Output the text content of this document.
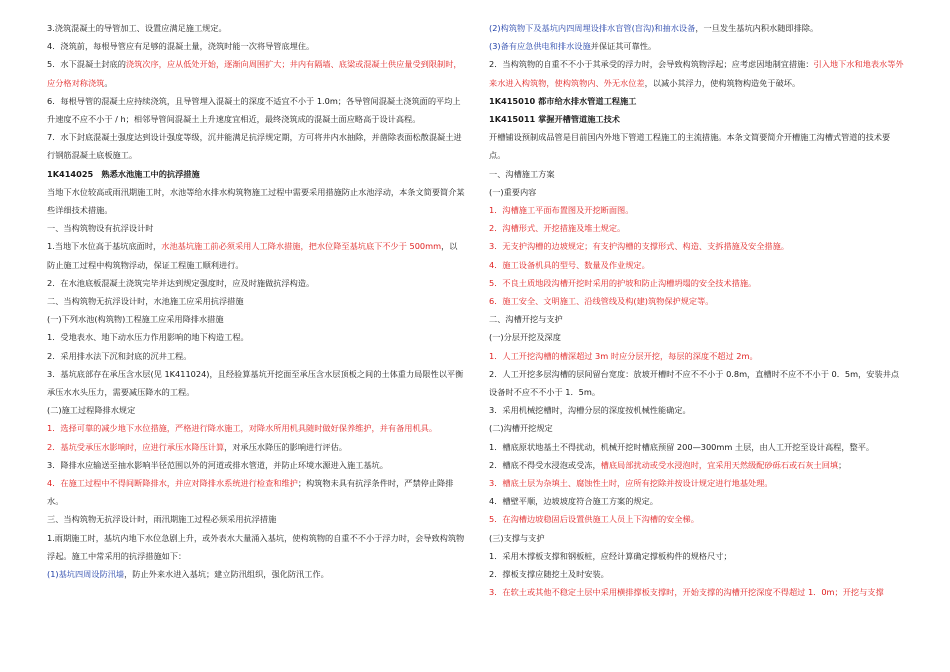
3.浇筑混凝土的导管加工、设置应满足施工规定。

4．浇筑前，每根导管应有足够的混凝土量，浇筑时能一次将导管底埋住。

5．水下混凝土封底的浇筑次序，应从低处开始，逐渐向周围扩大；井内有隔墙、底梁或混凝土供应量受到限制时，应分格对称浇筑。

6．每根导管的混凝土应持续浇筑，且导管埋入混凝土的深度不适宜不小于 1.0m；各导管间混凝土浇筑面的平均上升速度不应不小于 / h；相邻导管间混凝土上升速度宜相近，最终浇筑成的混凝土面应略高于设计高程。

7．水下封底混凝土强度达到设计强度等级，沉井能满足抗浮规定期，方可将井内水抽除，并凿除表面松散混凝土进行钢筋混凝土底板施工。

1K414025　熟悉水池施工中的抗浮措施

当地下水位较高或雨汛期施工时，水池等给水排水构筑物施工过程中需要采用措施防止水池浮动，本条文简要简介某些详细技术措施。

一、当构筑物设有抗浮设计时

1.当地下水位高于基坑底面时，水池基坑施工前必须采用人工降水措施，把水位降至基坑底下不少于 500mm，以防止施工过程中构筑物浮动，保证工程施工顺利进行。

2．在水池底板混凝土浇筑完毕并达到规定强度时，应及时施做抗浮构造。

二、当构筑物无抗浮设计时，水池施工应采用抗浮措施

(一)下列水池(构筑物)工程施工应采用降排水措施

1．受地表水、地下动水压力作用影响的地下构造工程。

2．采用排水法下沉和封底的沉井工程。

3．基坑底部存在承压含水层(见 1K411024)，且经验算基坑开挖面至承压含水层顶板之间的土体重力局限性以平衡承压水水头压力，需要减压降水的工程。

(二)施工过程降排水规定

1．选择可靠的减少地下水位措施，严格进行降水施工，对降水所用机具随时做好保养维护，并有备用机具。

2．基坑受承压水影响时，应进行承压水降压计算，对承压水降压的影响进行评估。

3．降排水应输送至抽水影响半径范围以外的河道或排水管道，并防止环境水源进入施工基坑。

4．在施工过程中不得间断降排水，并应对降排水系统进行检查和维护；构筑物未具有抗浮条件时，严禁停止降排水。

三、当构筑物无抗浮设计时，雨汛期施工过程必须采用抗浮措施

1.雨期施工时，基坑内地下水位急剧上升，或外表水大量涌入基坑，使构筑物的自重不不小于浮力时，会导致构筑物浮起。施工中常采用的抗浮措施如下：

(1)基坑四周设防汛墙，防止外来水进入基坑；建立防汛组织，强化防汛工作。

(2)构筑物下及基坑内四周埋设排水盲管(盲沟)和抽水设备，一旦发生基坑内积水随即排除。

(3)备有应急供电和排水设施并保证其可靠性。

2．当构筑物的自重不不小于其承受的浮力时，会导致构筑物浮起；应考虑因地制宜措施：引入地下水和地表水等外来水进入构筑物，使构筑物内、外无水位差，以减小其浮力，使构筑物构造免于破坏。

1K415010 都市给水排水管道工程施工

1K415011 掌握开槽管道施工技术

开槽铺设预制成品管是目前国内外地下管道工程施工的主流措施。本条文简要简介开槽施工沟槽式管道的技术要点。

一、沟槽施工方案

(一)重要内容

1．沟槽施工平面布置图及开挖断面图。

2．沟槽形式、开挖措施及堆土规定。

3．无支护沟槽的边坡规定；有支护沟槽的支撑形式、构造、支拆措施及安全措施。

4．施工设备机具的型号、数量及作业规定。

5．不良土质地段沟槽开挖时采用的护坡和防止沟槽坍塌的安全技术措施。

6．施工安全、文明施工、沿线管线及构(建)筑物保护规定等。

二、沟槽开挖与支护

(一)分层开挖及深度

1．人工开挖沟槽的槽深超过 3m 时应分层开挖，每层的深度不超过 2m。

2．人工开挖多层沟槽的层间留台宽度：放坡开槽时不应不不小于 0.8m，直槽时不应不不小于 0．5m，安装井点设备时不应不不小于 1．5m。

3．采用机械挖槽时，沟槽分层的深度按机械性能确定。

(二)沟槽开挖规定

1．槽底原状地基土不得扰动，机械开挖时槽底预留 200—300mm 土层，由人工开挖至设计高程，整平。

2．槽底不得受水浸泡或受冻，槽底局部扰动或受水浸泡时，宜采用天然级配砂砾石或石灰土回填；

3．槽底土层为杂填土、腐蚀性土时，应所有挖除并按设计规定进行地基处理。

4．槽壁平顺，边坡坡度符合施工方案的规定。

5．在沟槽边坡稳固后设置供施工人员上下沟槽的安全梯。

(三)支撑与支护

1．采用木撑板支撑和钢板桩，应经计算确定撑板构件的规格尺寸；

2．撑板支撑应随挖土及时安装。

3．在软土或其他不稳定土层中采用横排撑板支撑时，开始支撑的沟槽开挖深度不得超过 1．0m；开挖与支撑
